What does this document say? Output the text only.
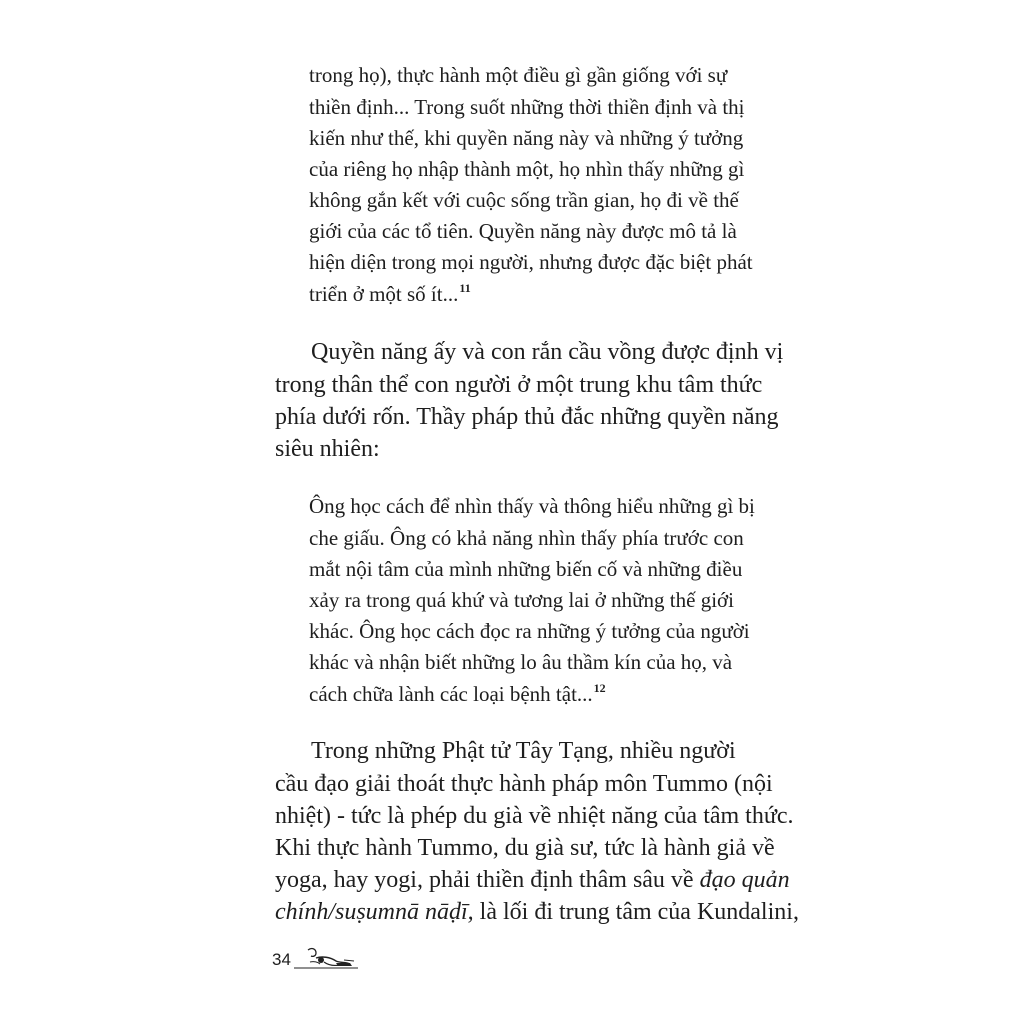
trong họ), thực hành một điều gì gần giống với sự
thiền định... Trong suốt những thời thiền định và thị
kiến như thế, khi quyền năng này và những ý tưởng
của riêng họ nhập thành một, họ nhìn thấy những gì
không gắn kết với cuộc sống trần gian, họ đi về thế
giới của các tổ tiên. Quyền năng này được mô tả là
hiện diện trong mọi người, nhưng được đặc biệt phát
triển ở một số ít...$^{11}$
Quyền năng ấy và con rắn cầu vồng được định vị
trong thân thể con người ở một trung khu tâm thức
phía dưới rốn. Thầy pháp thủ đắc những quyền năng
siêu nhiên:
Ông học cách để nhìn thấy và thông hiểu những gì bị
che giấu. Ông có khả năng nhìn thấy phía trước con
mắt nội tâm của mình những biến cố và những điều
xảy ra trong quá khứ và tương lai ở những thế giới
khác. Ông học cách đọc ra những ý tưởng của người
khác và nhận biết những lo âu thầm kín của họ, và
cách chữa lành các loại bệnh tật...$^{12}$
Trong những Phật tử Tây Tạng, nhiều người
cầu đạo giải thoát thực hành pháp môn Tummo (nội
nhiệt) - tức là phép du già về nhiệt năng của tâm thức.
Khi thực hành Tummo, du già sư, tức là hành giả về
yoga, hay yogi, phải thiền định thâm sâu về đạo quản
chính/suṣumnā nāḍī, là lối đi trung tâm của Kundalini,
34
